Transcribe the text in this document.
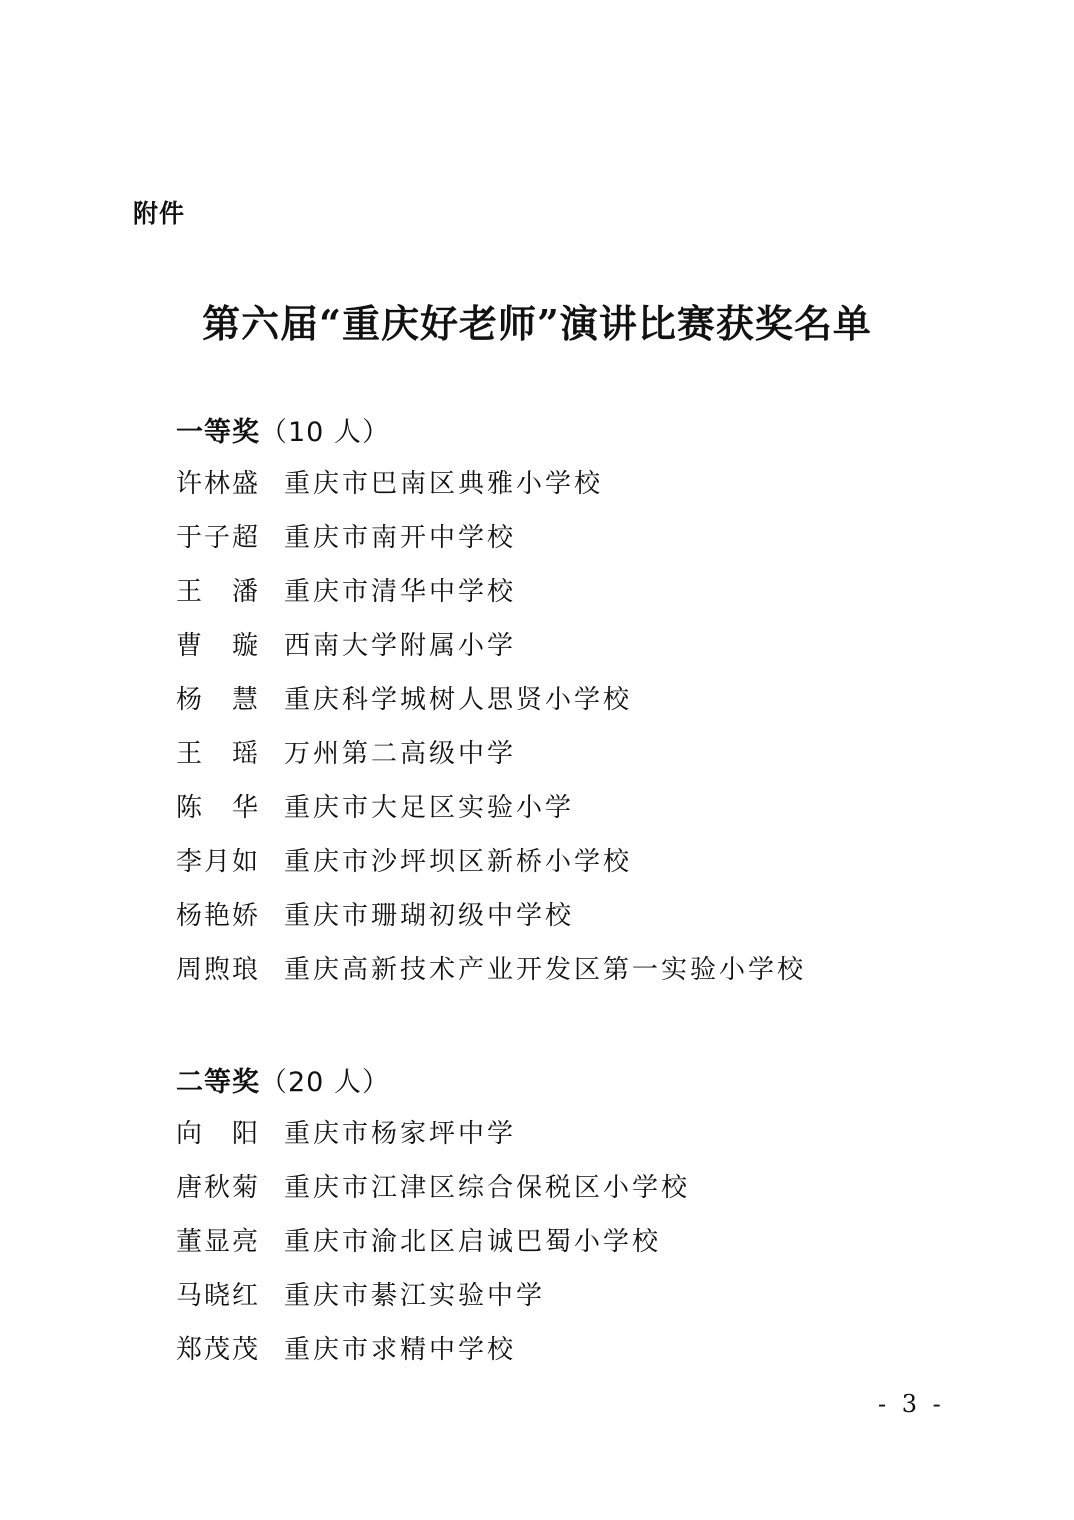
附件
第六届“重庆好老师”演讲比赛获奖名单
一等奖（10 人）
许林盛 重庆市巴南区典雅小学校
于子超 重庆市南开中学校
王　潘 重庆市清华中学校
曹　璇 西南大学附属小学
杨　慧 重庆科学城树人思贤小学校
王　瑶 万州第二高级中学
陈　华 重庆市大足区实验小学
李月如 重庆市沙坪坝区新桥小学校
杨艳娇 重庆市珊瑚初级中学校
周煦琅 重庆高新技术产业开发区第一实验小学校
二等奖（20 人）
向　阳 重庆市杨家坪中学
唐秋菊 重庆市江津区综合保税区小学校
董显亮 重庆市渝北区启诚巴蜀小学校
马晓红 重庆市綦江实验中学
郑茂茂 重庆市求精中学校
- 3 -
